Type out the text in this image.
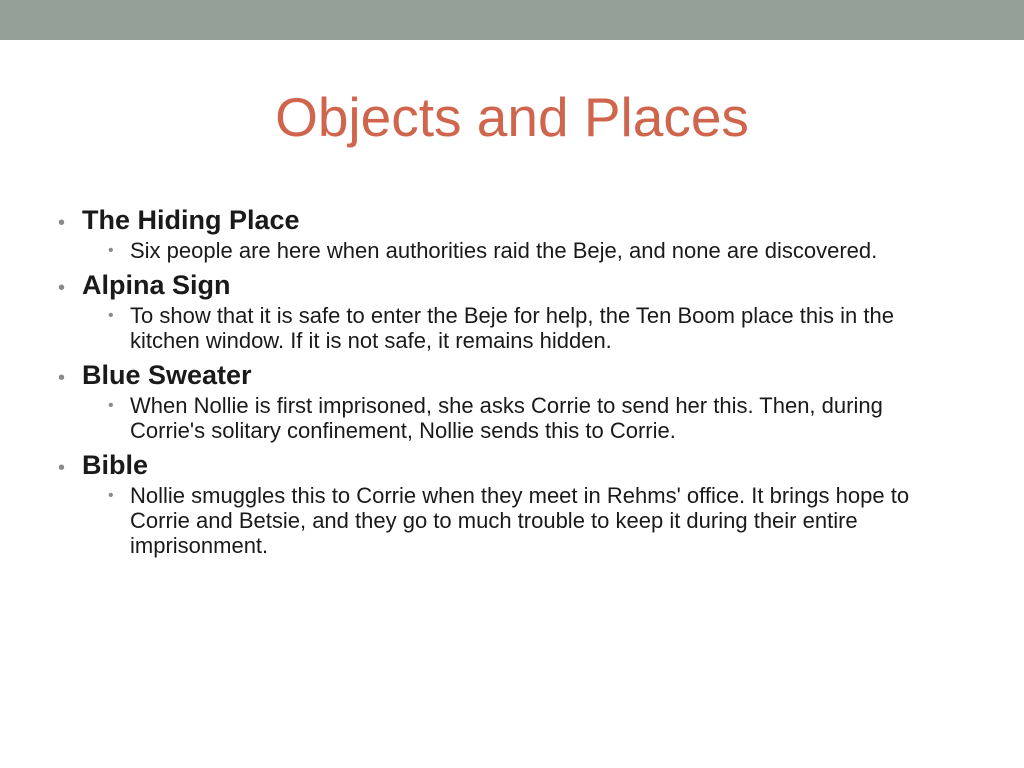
Objects and Places
• The Hiding Place
• Six people are here when authorities raid the Beje, and none are discovered.
• Alpina Sign
• To show that it is safe to enter the Beje for help, the Ten Boom place this in the kitchen window. If it is not safe, it remains hidden.
• Blue Sweater
• When Nollie is first imprisoned, she asks Corrie to send her this. Then, during Corrie's solitary confinement, Nollie sends this to Corrie.
• Bible
• Nollie smuggles this to Corrie when they meet in Rehms' office. It brings hope to Corrie and Betsie, and they go to much trouble to keep it during their entire imprisonment.
